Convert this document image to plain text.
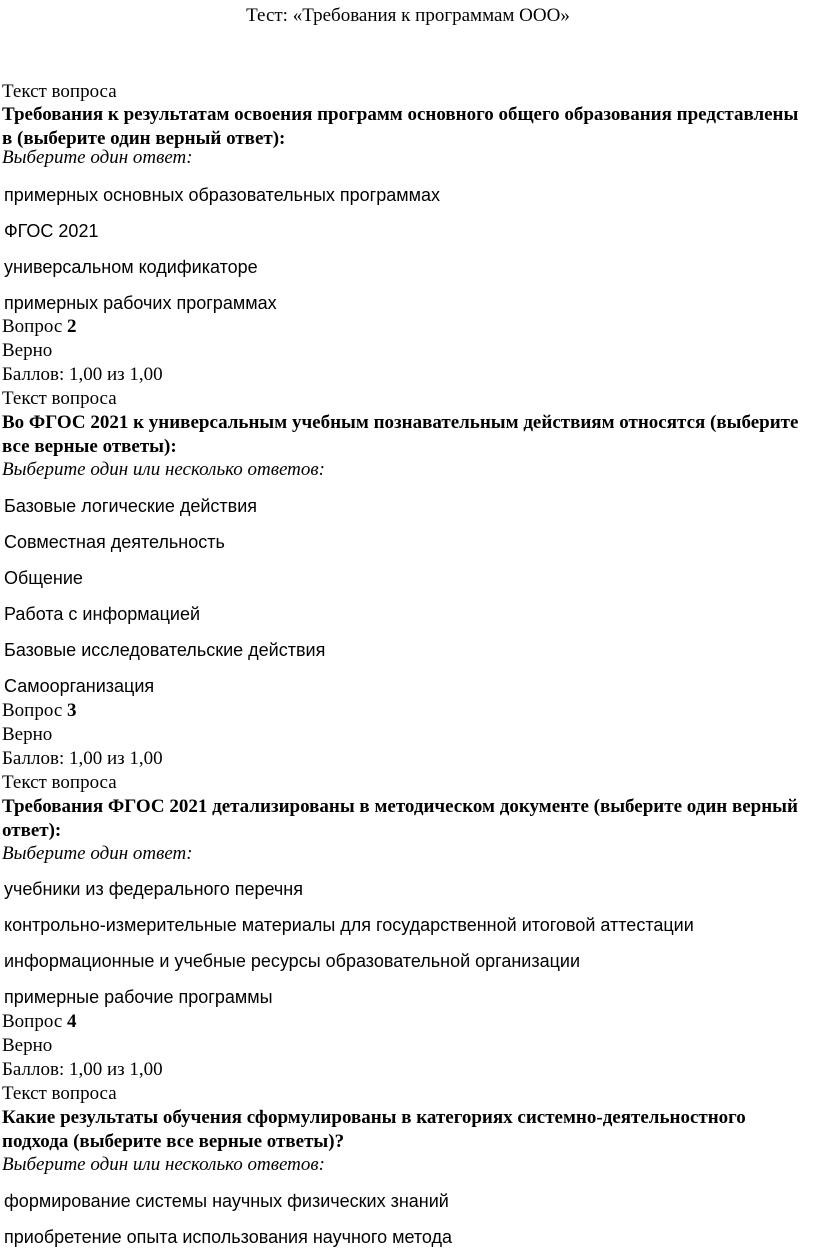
Тест: «Требования к программам ООО»
Текст вопроса
Требования к результатам освоения программ основного общего образования представлены в (выберите один верный ответ):
Выберите один ответ:
примерных основных образовательных программах
ФГОС 2021
универсальном кодификаторе
примерных рабочих программах
Вопрос 2
Верно
Баллов: 1,00 из 1,00
Текст вопроса
Во ФГОС 2021 к универсальным учебным познавательным действиям относятся (выберите все верные ответы):
Выберите один или несколько ответов:
Базовые логические действия
Совместная деятельность
Общение
Работа с информацией
Базовые исследовательские действия
Самоорганизация
Вопрос 3
Верно
Баллов: 1,00 из 1,00
Текст вопроса
Требования ФГОС 2021 детализированы в методическом документе (выберите один верный ответ):
Выберите один ответ:
учебники из федерального перечня
контрольно-измерительные материалы для государственной итоговой аттестации
информационные и учебные ресурсы образовательной организации
примерные рабочие программы
Вопрос 4
Верно
Баллов: 1,00 из 1,00
Текст вопроса
Какие результаты обучения сформулированы в категориях системно-деятельностного подхода (выберите все верные ответы)?
Выберите один или несколько ответов:
формирование системы научных физических знаний
приобретение опыта использования научного метода
